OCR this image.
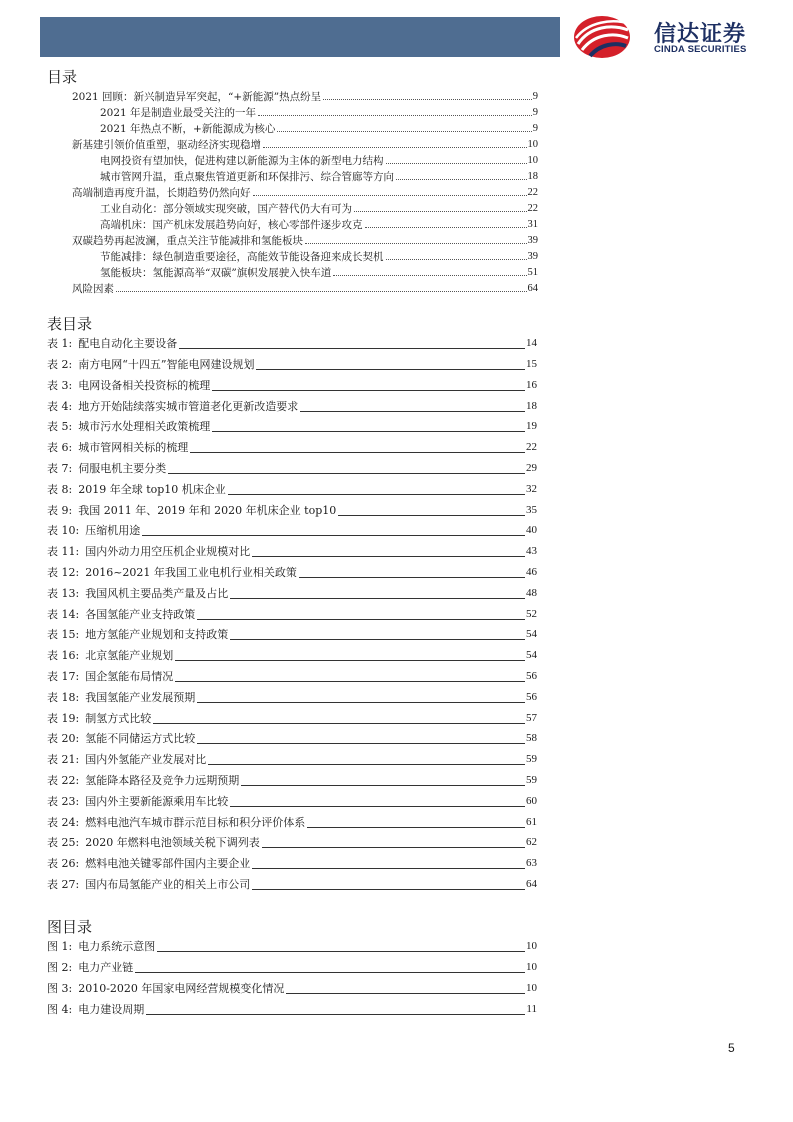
信达证券
CINDA SECURITIES
目录
2021 回顾：新兴制造异军突起，“+新能源”热点纷呈	9
2021 年是制造业最受关注的一年	9
2021 年热点不断，+新能源成为核心	9
新基建引领价值重塑，驱动经济实现稳增	10
电网投资有望加快，促进构建以新能源为主体的新型电力结构	10
城市管网升温，重点聚焦管道更新和环保排污、综合管廊等方向	18
高端制造再度升温，长期趋势仍然向好	22
工业自动化：部分领域实现突破，国产替代仍大有可为	22
高端机床：国产机床发展趋势向好，核心零部件逐步攻克	31
双碳趋势再起波澜，重点关注节能减排和氢能板块	39
节能减排：绿色制造重要途径，高能效节能设备迎来成长契机	39
氢能板块：氢能源高举“双碳”旗帜发展驶入快车道	51
风险因素	64
表目录
表 1: 配电自动化主要设备	14
表 2: 南方电网“十四五”智能电网建设规划	15
表 3: 电网设备相关投资标的梳理	16
表 4: 地方开始陆续落实城市管道老化更新改造要求	18
表 5: 城市污水处理相关政策梳理	19
表 6: 城市管网相关标的梳理	22
表 7: 伺服电机主要分类	29
表 8: 2019 年全球 top10 机床企业	32
表 9: 我国 2011 年、2019 年和 2020 年机床企业 top10	35
表 10: 压缩机用途	40
表 11: 国内外动力用空压机企业规模对比	43
表 12: 2016~2021 年我国工业电机行业相关政策	46
表 13: 我国风机主要品类产量及占比	48
表 14: 各国氢能产业支持政策	52
表 15: 地方氢能产业规划和支持政策	54
表 16: 北京氢能产业规划	54
表 17: 国企氢能布局情况	56
表 18: 我国氢能产业发展预期	56
表 19: 制氢方式比较	57
表 20: 氢能不同储运方式比较	58
表 21: 国内外氢能产业发展对比	59
表 22: 氢能降本路径及竞争力远期预期	59
表 23: 国内外主要新能源乘用车比较	60
表 24: 燃料电池汽车城市群示范目标和积分评价体系	61
表 25: 2020 年燃料电池领域关税下调列表	62
表 26: 燃料电池关键零部件国内主要企业	63
表 27: 国内布局氢能产业的相关上市公司	64
图目录
图 1: 电力系统示意图	10
图 2: 电力产业链	10
图 3: 2010-2020 年国家电网经营规模变化情况	10
图 4: 电力建设周期	11
5
